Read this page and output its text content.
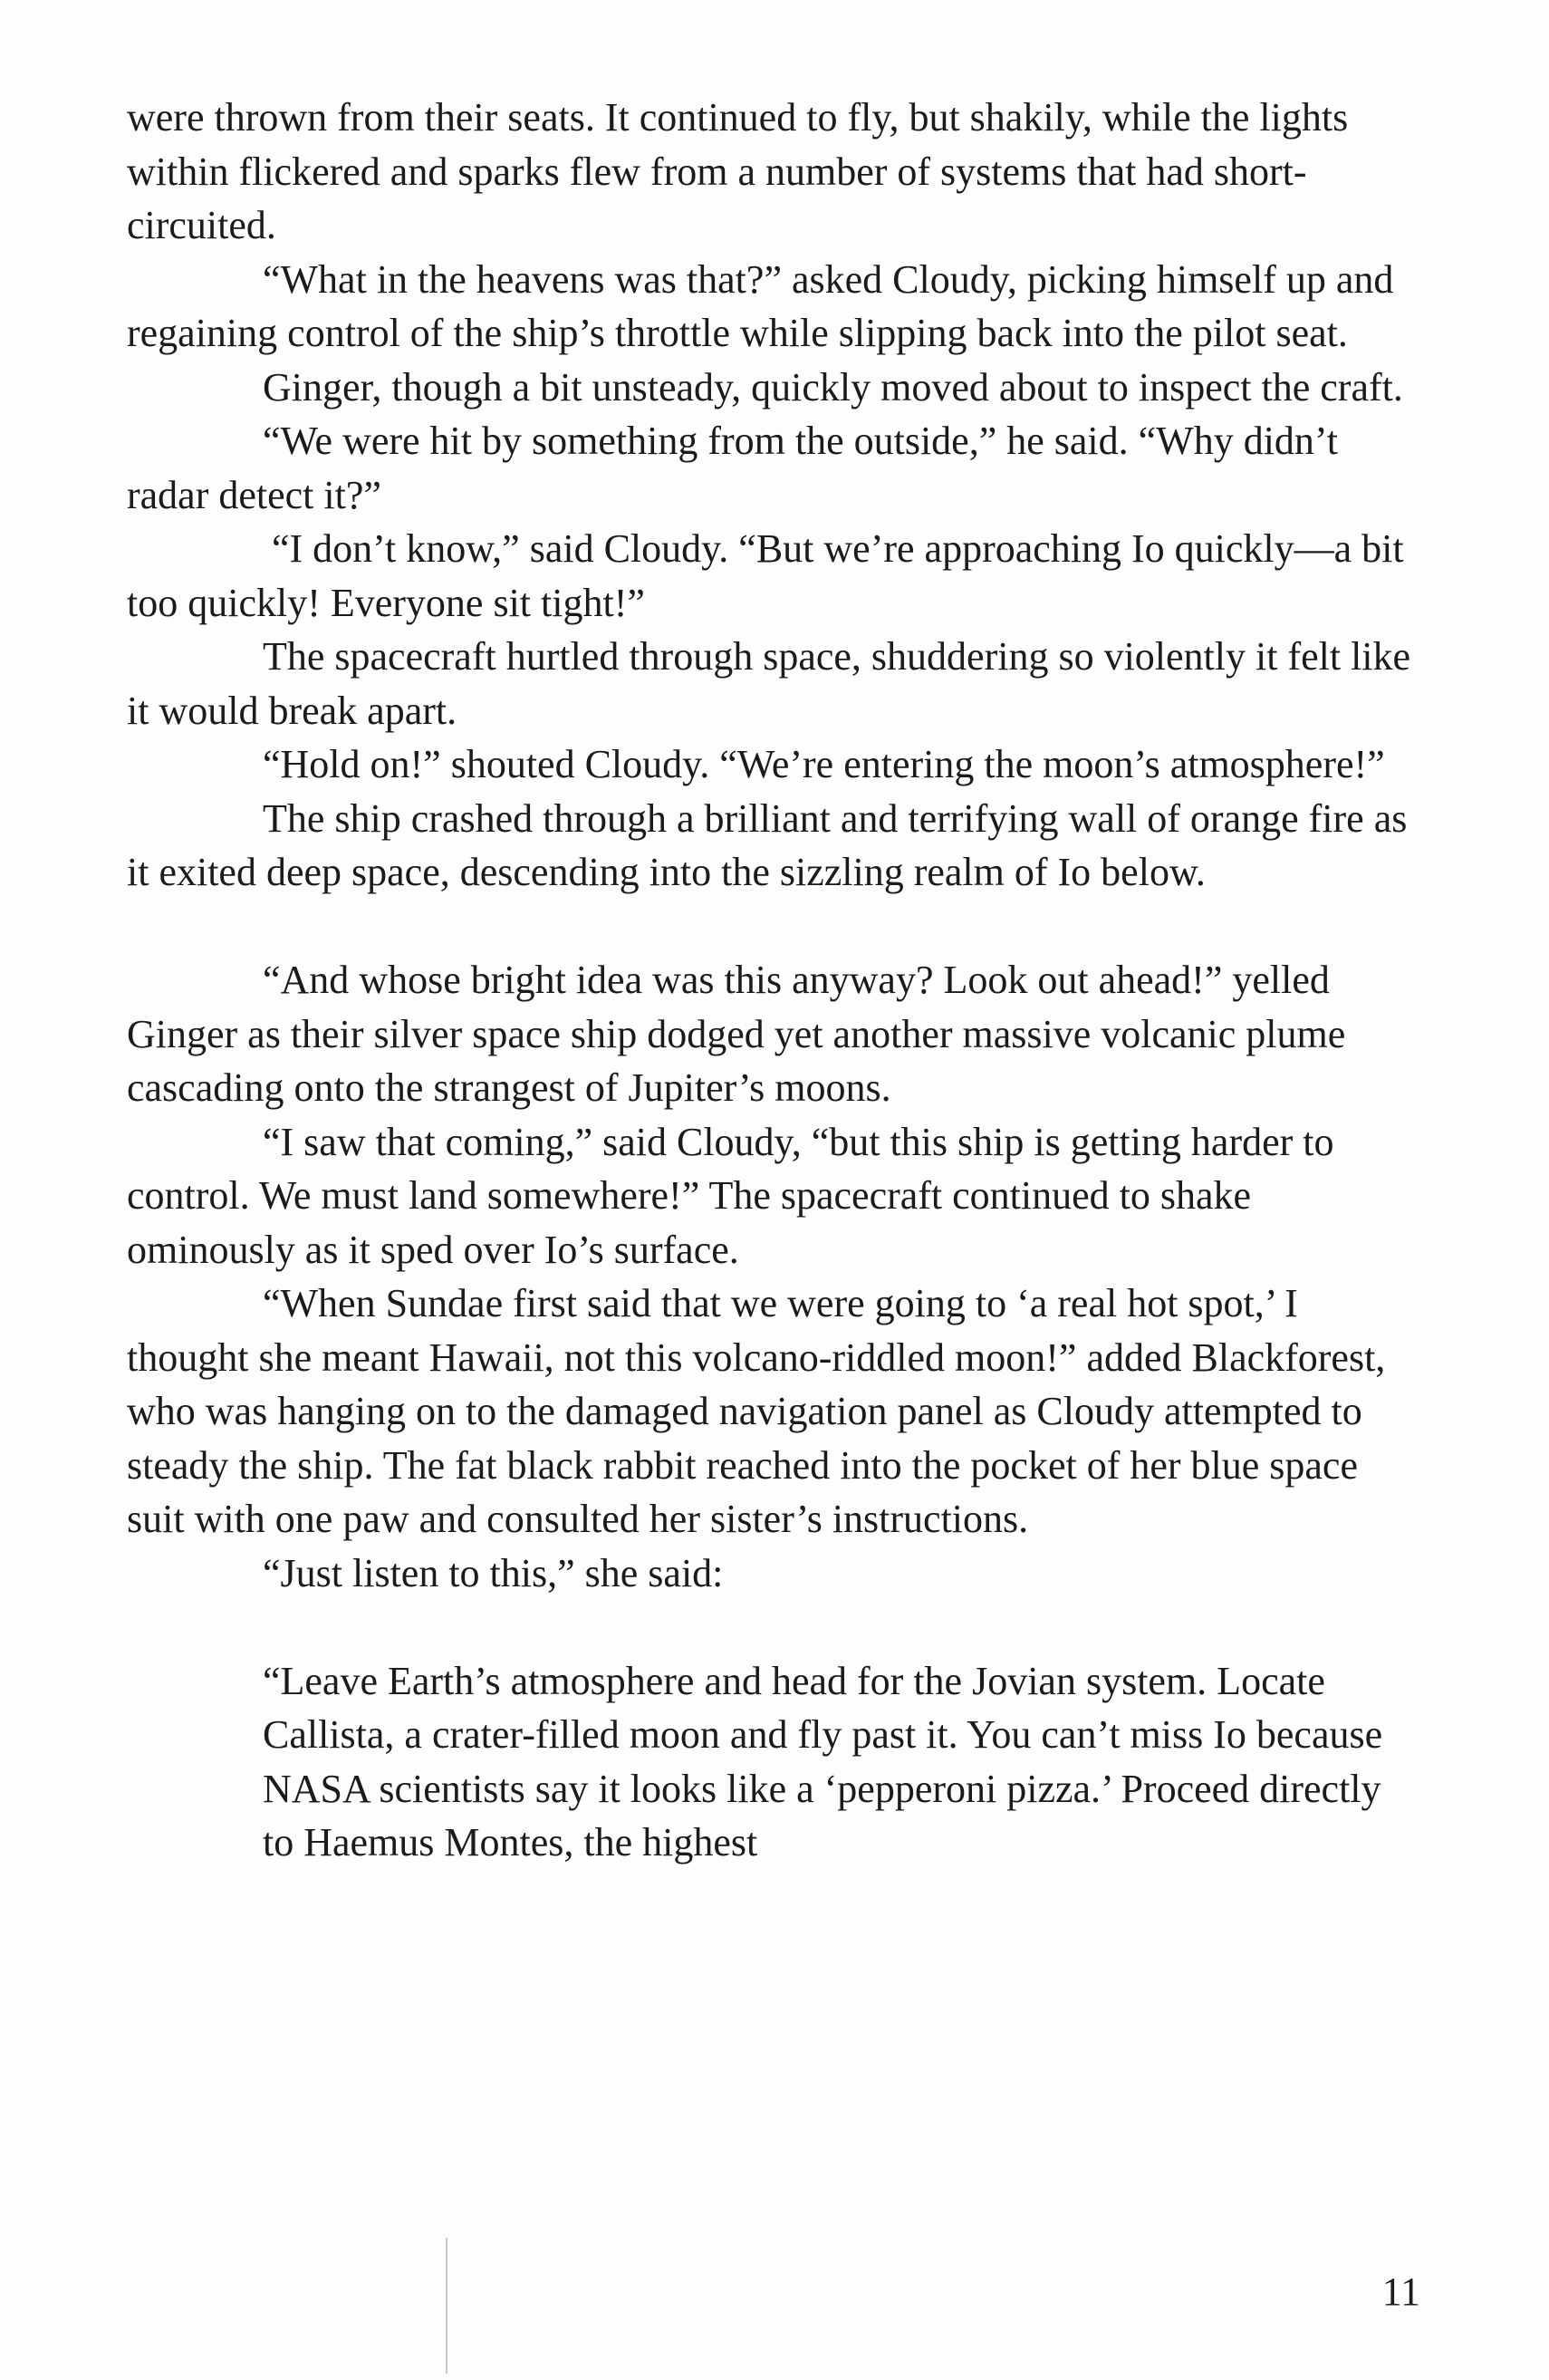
were thrown from their seats. It continued to fly, but shakily, while the lights within flickered and sparks flew from a number of systems that had short-circuited.

“What in the heavens was that?” asked Cloudy, picking himself up and regaining control of the ship’s throttle while slipping back into the pilot seat.

Ginger, though a bit unsteady, quickly moved about to inspect the craft.

“We were hit by something from the outside,” he said. “Why didn’t radar detect it?”

“I don’t know,” said Cloudy. “But we’re approaching Io quickly—a bit too quickly! Everyone sit tight!”

The spacecraft hurtled through space, shuddering so violently it felt like it would break apart.

“Hold on!” shouted Cloudy. “We’re entering the moon’s atmosphere!”

The ship crashed through a brilliant and terrifying wall of orange fire as it exited deep space, descending into the sizzling realm of Io below.

“And whose bright idea was this anyway? Look out ahead!” yelled Ginger as their silver space ship dodged yet another massive volcanic plume cascading onto the strangest of Jupiter’s moons.

“I saw that coming,” said Cloudy, “but this ship is getting harder to control. We must land somewhere!” The spacecraft continued to shake ominously as it sped over Io’s surface.

“When Sundae first said that we were going to ‘a real hot spot,’ I thought she meant Hawaii, not this volcano-riddled moon!” added Blackforest, who was hanging on to the damaged navigation panel as Cloudy attempted to steady the ship. The fat black rabbit reached into the pocket of her blue space suit with one paw and consulted her sister’s instructions.

“Just listen to this,” she said:

“Leave Earth’s atmosphere and head for the Jovian system. Locate Callista, a crater-filled moon and fly past it. You can’t miss Io because NASA scientists say it looks like a ‘pepperoni pizza.’ Proceed directly to Haemus Montes, the highest

11
